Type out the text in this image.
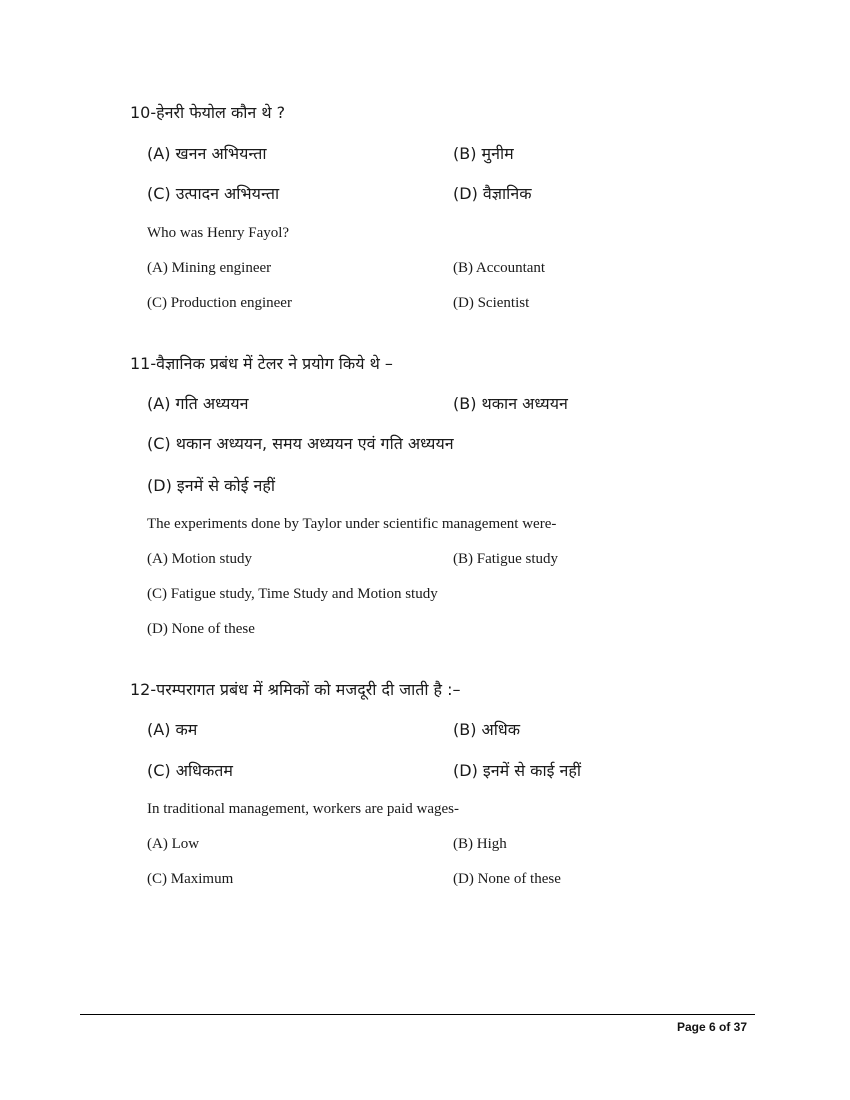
10-हेनरी फेयोल कौन थे ?
(A) खनन अभियन्ता	(B) मुनीम
(C) उत्पादन अभियन्ता	(D) वैज्ञानिक
Who was Henry Fayol?
(A) Mining engineer	(B) Accountant
(C) Production engineer	(D) Scientist
11-वैज्ञानिक प्रबंध में टेलर ने प्रयोग किये थे –
(A) गति अध्ययन	(B) थकान अध्ययन
(C) थकान अध्ययन, समय अध्ययन एवं गति अध्ययन
(D) इनमें से कोई नहीं
The experiments done by Taylor under scientific management were-
(A) Motion study	(B) Fatigue study
(C) Fatigue study, Time Study and Motion study
(D) None of these
12-परम्परागत प्रबंध में श्रमिकों को मजदूरी दी जाती है :–
(A) कम	(B) अधिक
(C) अधिकतम	(D) इनमें से काई नहीं
In traditional management, workers are paid wages-
(A) Low	(B) High
(C) Maximum	(D) None of these
Page 6 of 37
